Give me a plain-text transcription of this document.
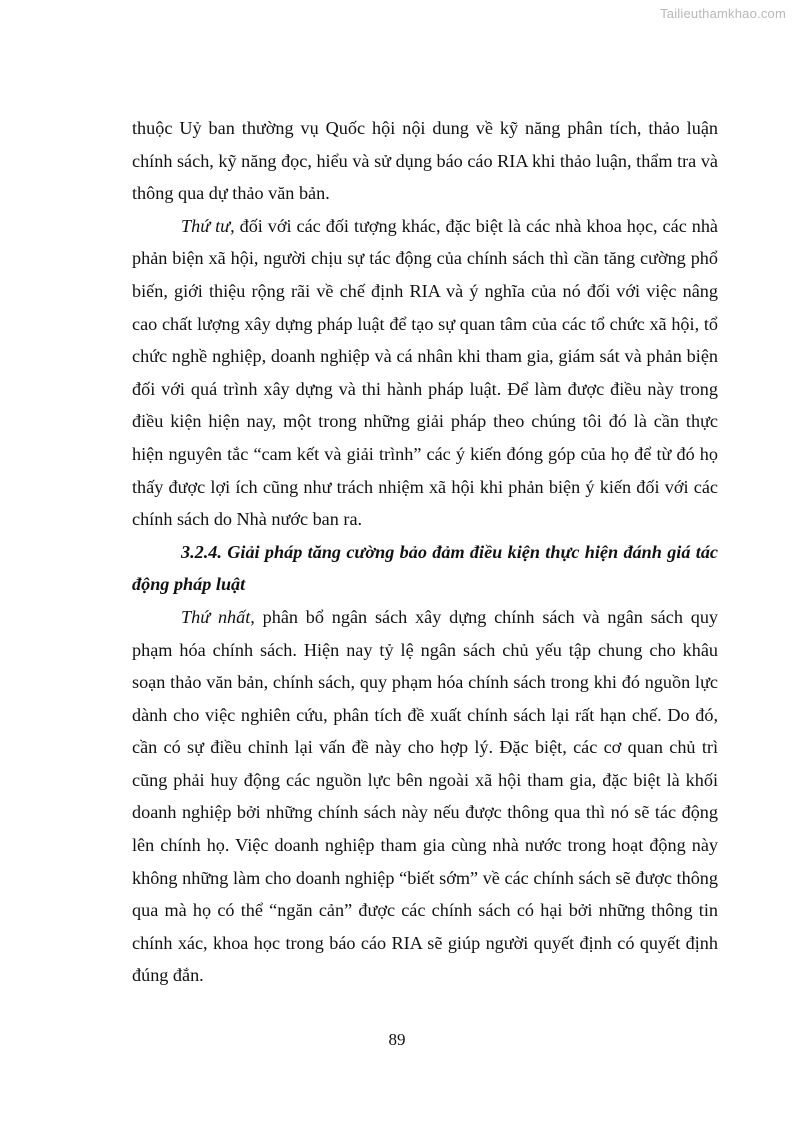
Tailieuthamkhao.com

thuộc Uỷ ban thường vụ Quốc hội nội dung về kỹ năng phân tích, thảo luận chính sách, kỹ năng đọc, hiểu và sử dụng báo cáo RIA khi thảo luận, thẩm tra và thông qua dự thảo văn bản.

Thứ tư, đối với các đối tượng khác, đặc biệt là các nhà khoa học, các nhà phản biện xã hội, người chịu sự tác động của chính sách thì cần tăng cường phổ biến, giới thiệu rộng rãi về chế định RIA và ý nghĩa của nó đối với việc nâng cao chất lượng xây dựng pháp luật để tạo sự quan tâm của các tổ chức xã hội, tổ chức nghề nghiệp, doanh nghiệp và cá nhân khi tham gia, giám sát và phản biện đối với quá trình xây dựng và thi hành pháp luật. Để làm được điều này trong điều kiện hiện nay, một trong những giải pháp theo chúng tôi đó là cần thực hiện nguyên tắc “cam kết và giải trình” các ý kiến đóng góp của họ để từ đó họ thấy được lợi ích cũng như trách nhiệm xã hội khi phản biện ý kiến đối với các chính sách do Nhà nước ban ra.

3.2.4. Giải pháp tăng cường bảo đảm điều kiện thực hiện đánh giá tác động pháp luật

Thứ nhất, phân bổ ngân sách xây dựng chính sách và ngân sách quy phạm hóa chính sách. Hiện nay tỷ lệ ngân sách chủ yếu tập chung cho khâu soạn thảo văn bản, chính sách, quy phạm hóa chính sách trong khi đó nguồn lực dành cho việc nghiên cứu, phân tích đề xuất chính sách lại rất hạn chế. Do đó, cần có sự điều chỉnh lại vấn đề này cho hợp lý. Đặc biệt, các cơ quan chủ trì cũng phải huy động các nguồn lực bên ngoài xã hội tham gia, đặc biệt là khối doanh nghiệp bởi những chính sách này nếu được thông qua thì nó sẽ tác động lên chính họ. Việc doanh nghiệp tham gia cùng nhà nước trong hoạt động này không những làm cho doanh nghiệp “biết sớm” về các chính sách sẽ được thông qua mà họ có thể “ngăn cản” được các chính sách có hại bởi những thông tin chính xác, khoa học trong báo cáo RIA sẽ giúp người quyết định có quyết định đúng đắn.

89
